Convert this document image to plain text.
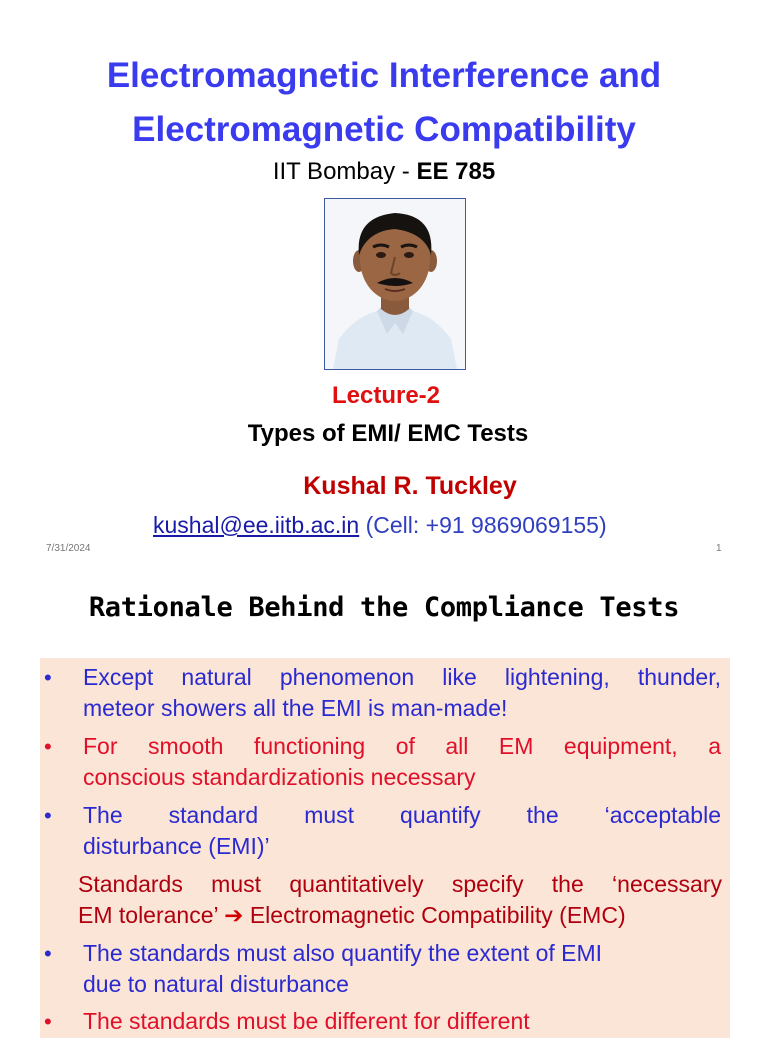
Electromagnetic Interference and
Electromagnetic Compatibility
IIT Bombay - EE 785
Lecture-2
Types of EMI/ EMC Tests
Kushal R. Tuckley
kushal@ee.iitb.ac.in (Cell: +91 9869069155)
7/31/2024	1
Rationale Behind the Compliance Tests
• Except natural phenomenon like lightening, thunder,
meteor showers all the EMI is man-made!
• For smooth functioning of all EM equipment, a
conscious standardizationis necessary
• The standard must quantify the ‘acceptable
disturbance (EMI)’
Standards must quantitatively specify the ‘necessary
EM tolerance’ ➔ Electromagnetic Compatibility (EMC)
• The standards must also quantify the extent of EMI
due to natural disturbance
• The standards must be different for different
